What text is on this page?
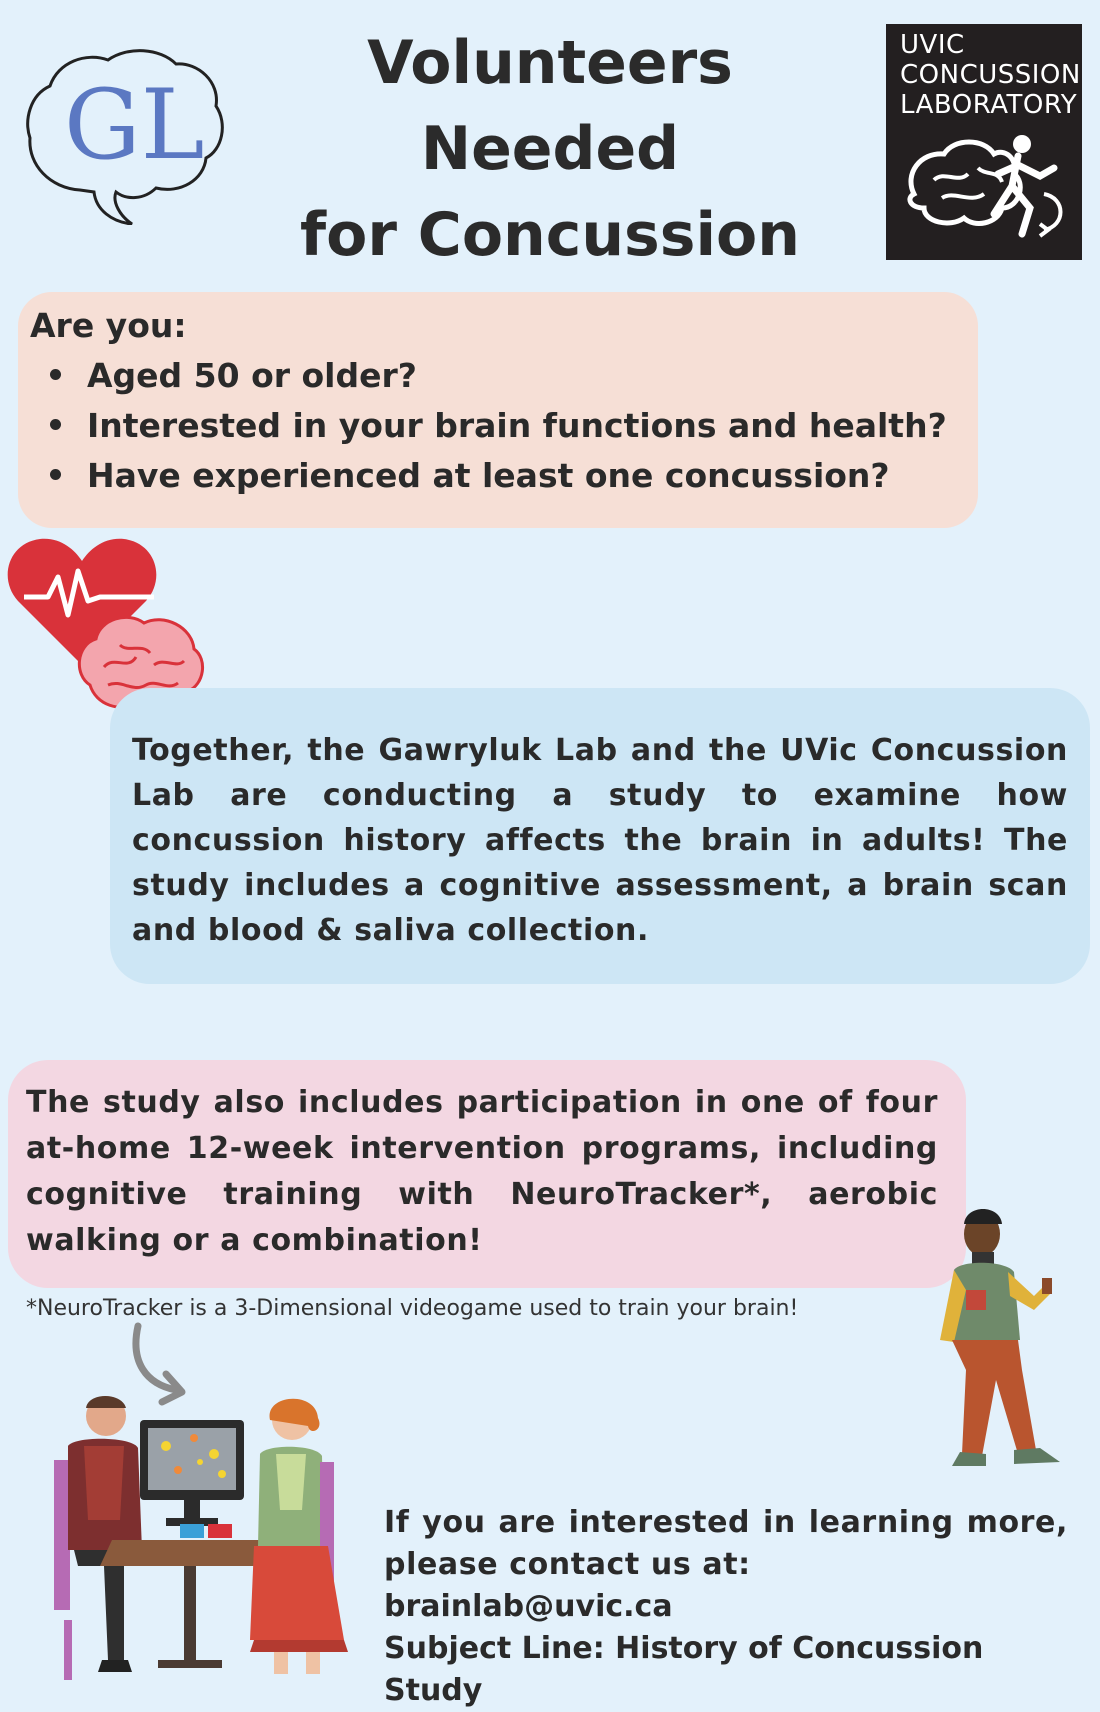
GL
Volunteers Needed
for Concussion
UVIC
CONCUSSION
LABORATORY
Are you:
Aged 50 or older?
Interested in your brain functions and health?
Have experienced at least one concussion?
Together, the Gawryluk Lab and the UVic Concussion Lab are conducting a study to examine how concussion history affects the brain in adults! The study includes a cognitive assessment, a brain scan and blood & saliva collection.
The study also includes participation in one of four at-home 12-week intervention programs, including cognitive training with NeuroTracker*, aerobic walking or a combination!
*NeuroTracker is a 3-Dimensional videogame used to train your brain!
If you are interested in learning more, please contact us at:
brainlab@uvic.ca
Subject Line: History of Concussion Study
